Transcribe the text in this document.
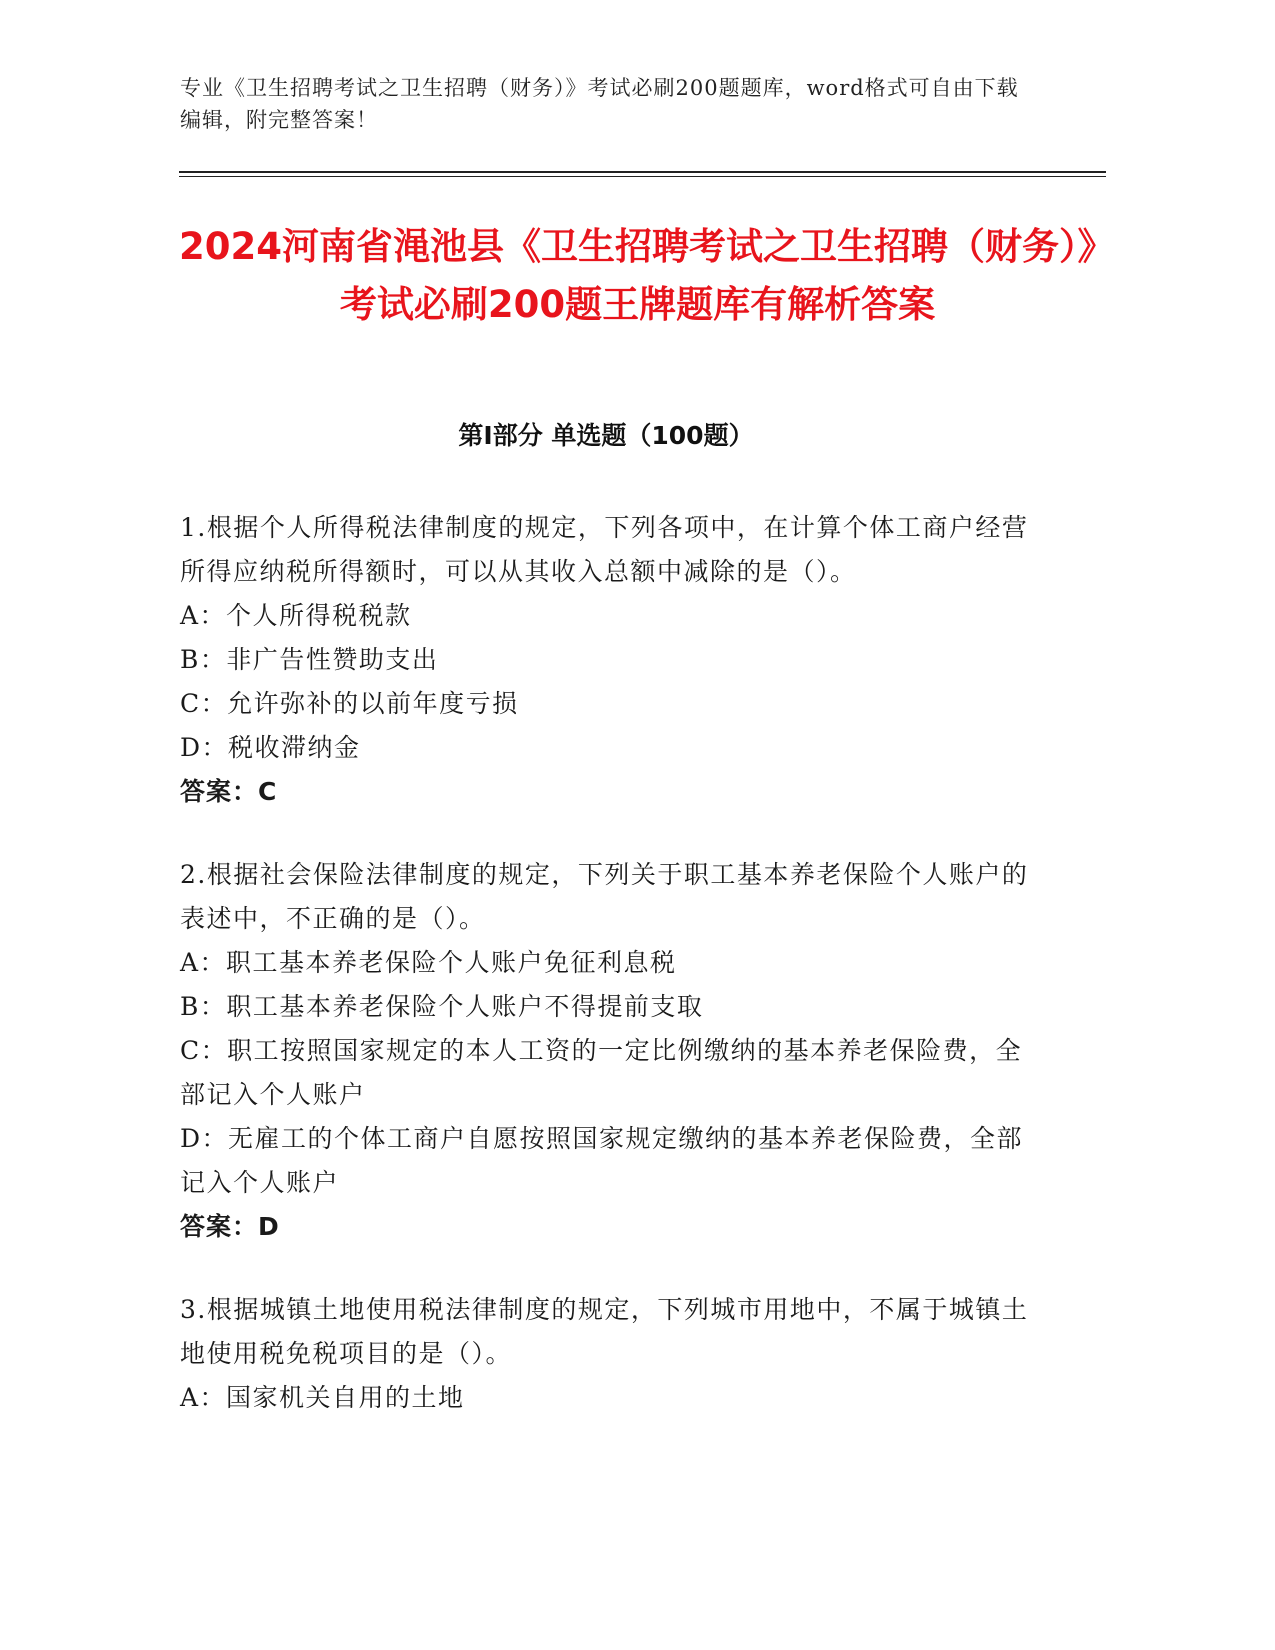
专业《卫生招聘考试之卫生招聘（财务）》考试必刷200题题库，word格式可自由下载编辑，附完整答案！
2024河南省渑池县《卫生招聘考试之卫生招聘（财务）》考试必刷200题王牌题库有解析答案
第I部分 单选题（100题）

1.根据个人所得税法律制度的规定，下列各项中，在计算个体工商户经营所得应纳税所得额时，可以从其收入总额中减除的是（）。

A：个人所得税税款

B：非广告性赞助支出

C：允许弥补的以前年度亏损

D：税收滞纳金

答案：C

2.根据社会保险法律制度的规定，下列关于职工基本养老保险个人账户的表述中，不正确的是（）。

A：职工基本养老保险个人账户免征利息税

B：职工基本养老保险个人账户不得提前支取

C：职工按照国家规定的本人工资的一定比例缴纳的基本养老保险费，全部记入个人账户

D：无雇工的个体工商户自愿按照国家规定缴纳的基本养老保险费，全部记入个人账户

答案：D

3.根据城镇土地使用税法律制度的规定，下列城市用地中，不属于城镇土地使用税免税项目的是（）。

A：国家机关自用的土地
